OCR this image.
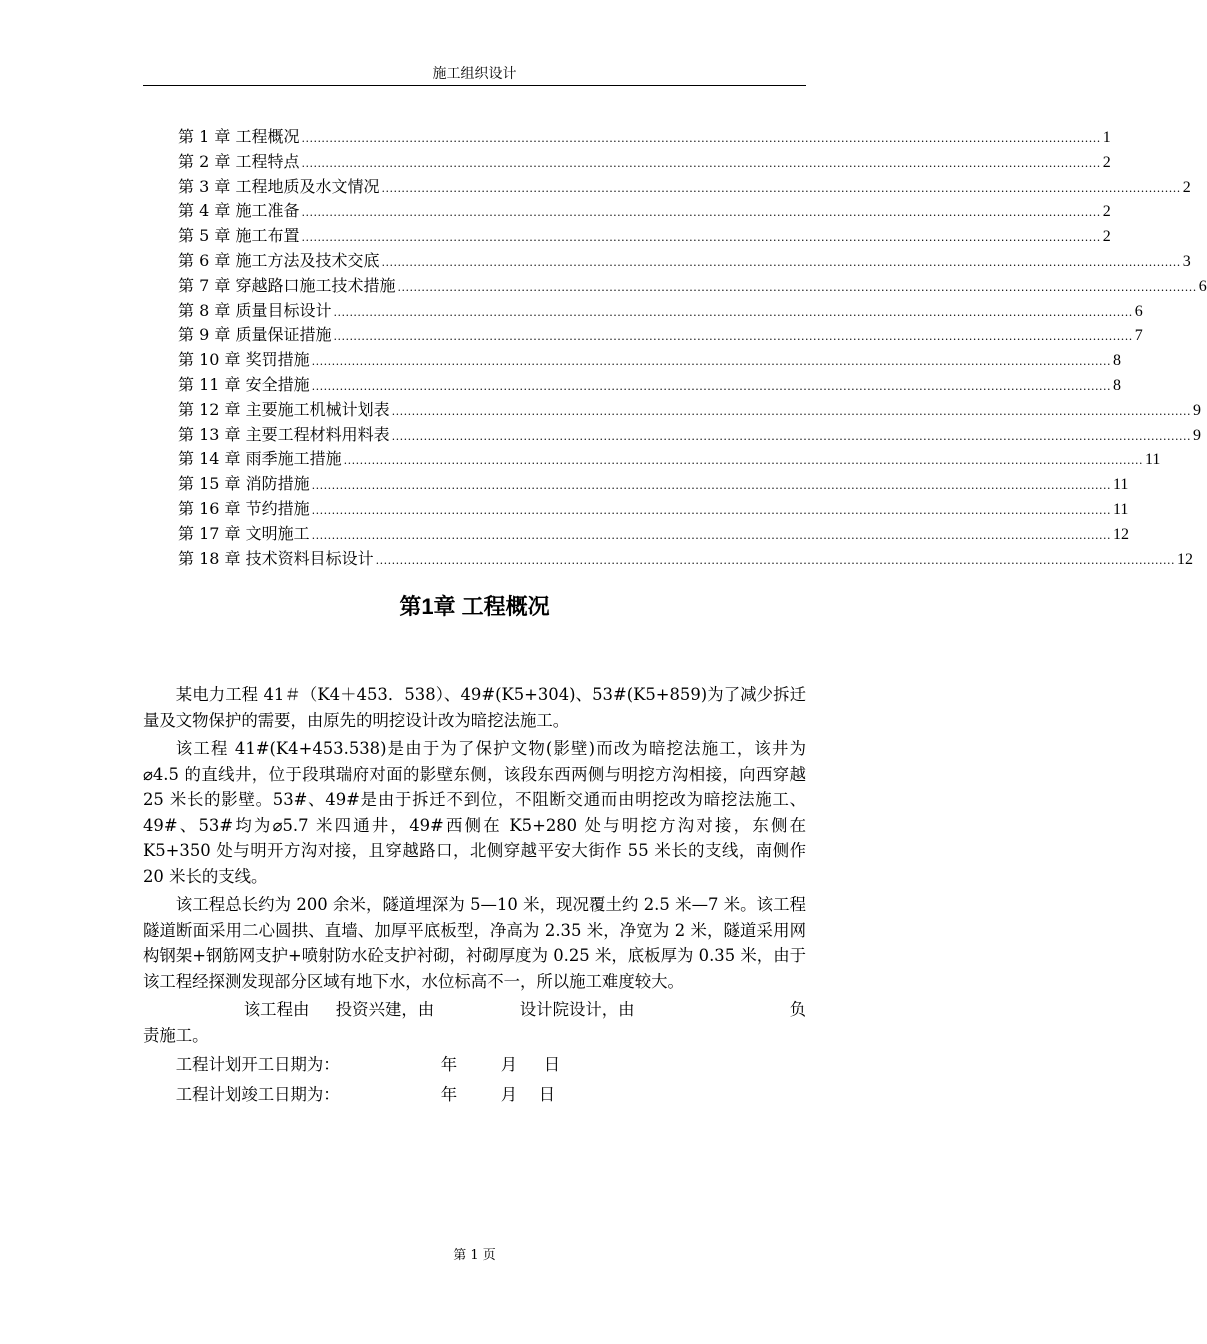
施工组织设计
第 1 章 工程概况 ........................................................................................................................................................................................................ 1
第 2 章 工程特点 ........................................................................................................................................................................................................ 2
第 3 章 工程地质及水文情况 ........................................................................................................................................................................................................ 2
第 4 章 施工准备 ........................................................................................................................................................................................................ 2
第 5 章 施工布置 ........................................................................................................................................................................................................ 2
第 6 章 施工方法及技术交底 ........................................................................................................................................................................................................ 3
第 7 章 穿越路口施工技术措施 ........................................................................................................................................................................................................ 6
第 8 章 质量目标设计 ........................................................................................................................................................................................................ 6
第 9 章 质量保证措施 ........................................................................................................................................................................................................ 7
第 10 章 奖罚措施 ........................................................................................................................................................................................................ 8
第 11 章 安全措施 ........................................................................................................................................................................................................ 8
第 12 章 主要施工机械计划表 ........................................................................................................................................................................................................ 9
第 13 章 主要工程材料用料表 ........................................................................................................................................................................................................ 9
第 14 章 雨季施工措施 ........................................................................................................................................................................................................ 11
第 15 章 消防措施 ........................................................................................................................................................................................................ 11
第 16 章 节约措施 ........................................................................................................................................................................................................ 11
第 17 章 文明施工 ........................................................................................................................................................................................................ 12
第 18 章 技术资料目标设计 ........................................................................................................................................................................................................ 12
第1章 工程概况

某电力工程 41＃（K4＋453．538）、49#(K5+304)、53#(K5+859)为了减少拆迁量及文物保护的需要，由原先的明挖设计改为暗挖法施工。

该工程 41#(K4+453.538)是由于为了保护文物(影壁)而改为暗挖法施工，该井为⌀4.5 的直线井，位于段琪瑞府对面的影壁东侧，该段东西两侧与明挖方沟相接，向西穿越 25 米长的影壁。53#、49#是由于拆迁不到位，不阻断交通而由明挖改为暗挖法施工、49#、53#均为⌀5.7 米四通井，49#西侧在 K5+280 处与明挖方沟对接，东侧在 K5+350 处与明开方沟对接，且穿越路口，北侧穿越平安大街作 55 米长的支线，南侧作 20 米长的支线。

该工程总长约为 200 余米，隧道埋深为 5—10 米，现况覆土约 2.5 米—7 米。该工程隧道断面采用二心圆拱、直墙、加厚平底板型，净高为 2.35 米，净宽为 2 米，隧道采用网构钢架+钢筋网支护+喷射防水砼支护衬砌，衬砌厚度为 0.25 米，底板厚为 0.35 米，由于该工程经探测发现部分区域有地下水，水位标高不一，所以施工难度较大。

该工程由	投资兴建，由	设计院设计，由	负
责施工。
工程计划开工日期为：	年	月	日
工程计划竣工日期为：	年	月	日
第 1 页
